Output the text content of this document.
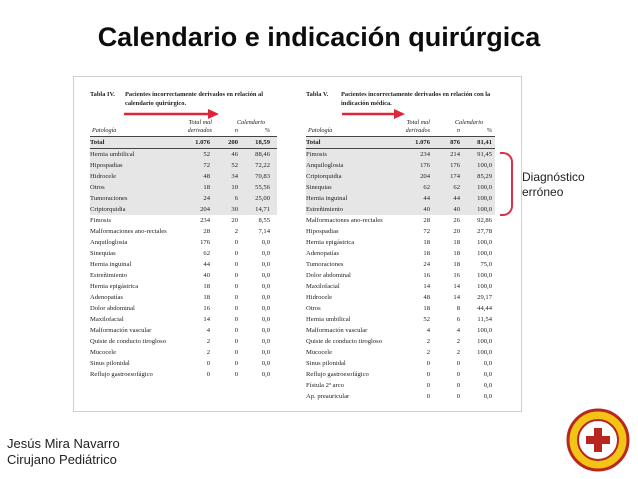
Calendario e indicación quirúrgica
Tabla IV. Pacientes incorrectamente derivados en relación al calendario quirúrgico.
Patología
Total mal derivados
Calendario
n	%
Total	1.076	200	18,59
Hernia umbilical	52	46	88,46
Hipospadias	72	52	72,22
Hidrocele	48	34	70,83
Otros	18	10	55,56
Tumoraciones	24	6	25,00
Criptorquidia	204	30	14,71
Fimosis	234	20	8,55
Malformaciones ano-rectales	28	2	7,14
Anquiloglosia	176	0	0,0
Sinequias	62	0	0,0
Hernia inguinal	44	0	0,0
Estreñimiento	40	0	0,0
Hernia epigástrica	18	0	0,0
Adenopatías	18	0	0,0
Dolor abdominal	16	0	0,0
Maxilofacial	14	0	0,0
Malformación vascular	4	0	0,0
Quiste de conducto tirogloso	2	0	0,0
Mucocele	2	0	0,0
Sinus pilonidal	0	0	0,0
Reflujo gastroesofágico	0	0	0,0
Tabla V. Pacientes incorrectamente derivados en relación con la indicación médica.
Patología
Total mal derivados
Calendario
n	%
Total	1.076	876	81,41
Fimosis	234	214	91,45
Anquiloglosia	176	176	100,0
Criptorquidia	204	174	85,29
Sinequias	62	62	100,0
Hernia inguinal	44	44	100,0
Estreñimiento	40	40	100,0
Malformaciones ano-rectales	28	26	92,86
Hipospadias	72	20	27,78
Hernia epigástrica	18	18	100,0
Adenopatías	18	18	100,0
Tumoraciones	24	18	75,0
Dolor abdominal	16	16	100,0
Maxilofacial	14	14	100,0
Hidrocele	48	14	29,17
Otros	18	8	44,44
Hernia umbilical	52	6	11,54
Malformación vascular	4	4	100,0
Quiste de conducto tirogloso	2	2	100,0
Mucocele	2	2	100,0
Sinus pilonidal	0	0	0,0
Reflujo gastroesofágico	0	0	0,0
Fístula 2º arco	0	0	0,0
Ap. preauricular	0	0	0,0
Diagnóstico
erróneo
Jesús Mira Navarro
Cirujano Pediátrico
